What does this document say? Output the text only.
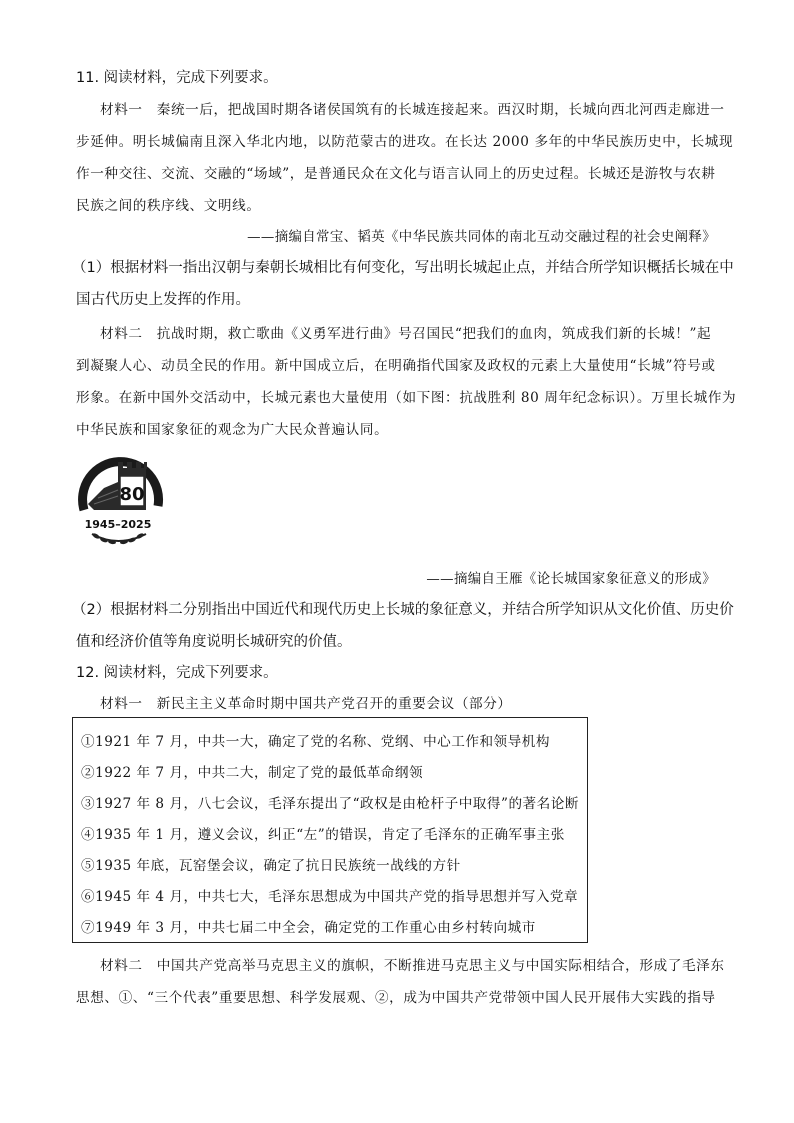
11. 阅读材料，完成下列要求。
材料一　秦统一后，把战国时期各诸侯国筑有的长城连接起来。西汉时期，长城向西北河西走廊进一
步延伸。明长城偏南且深入华北内地，以防范蒙古的进攻。在长达 2000 多年的中华民族历史中，长城现
作一种交往、交流、交融的“场域”，是普通民众在文化与语言认同上的历史过程。长城还是游牧与农耕
民族之间的秩序线、文明线。
——摘编自常宝、韬英《中华民族共同体的南北互动交融过程的社会史阐释》
（1）根据材料一指出汉朝与秦朝长城相比有何变化，写出明长城起止点，并结合所学知识概括长城在中
国古代历史上发挥的作用。
材料二　抗战时期，救亡歌曲《义勇军进行曲》号召国民“把我们的血肉，筑成我们新的长城！”起
到凝聚人心、动员全民的作用。新中国成立后，在明确指代国家及政权的元素上大量使用“长城”符号或
形象。在新中国外交活动中，长城元素也大量使用（如下图：抗战胜利 80 周年纪念标识）。万里长城作为
中华民族和国家象征的观念为广大民众普遍认同。
80
1945–2025
——摘编自王雁《论长城国家象征意义的形成》
（2）根据材料二分别指出中国近代和现代历史上长城的象征意义，并结合所学知识从文化价值、历史价
值和经济价值等角度说明长城研究的价值。
12. 阅读材料，完成下列要求。
材料一　新民主主义革命时期中国共产党召开的重要会议（部分）
①1921 年 7 月，中共一大，确定了党的名称、党纲、中心工作和领导机构
②1922 年 7 月，中共二大，制定了党的最低革命纲领
③1927 年 8 月，八七会议，毛泽东提出了“政权是由枪杆子中取得”的著名论断
④1935 年 1 月，遵义会议，纠正“左”的错误，肯定了毛泽东的正确军事主张
⑤1935 年底，瓦窑堡会议，确定了抗日民族统一战线的方针
⑥1945 年 4 月，中共七大，毛泽东思想成为中国共产党的指导思想并写入党章
⑦1949 年 3 月，中共七届二中全会，确定党的工作重心由乡村转向城市
材料二　中国共产党高举马克思主义的旗帜，不断推进马克思主义与中国实际相结合，形成了毛泽东
思想、①、“三个代表”重要思想、科学发展观、②，成为中国共产党带领中国人民开展伟大实践的指导
